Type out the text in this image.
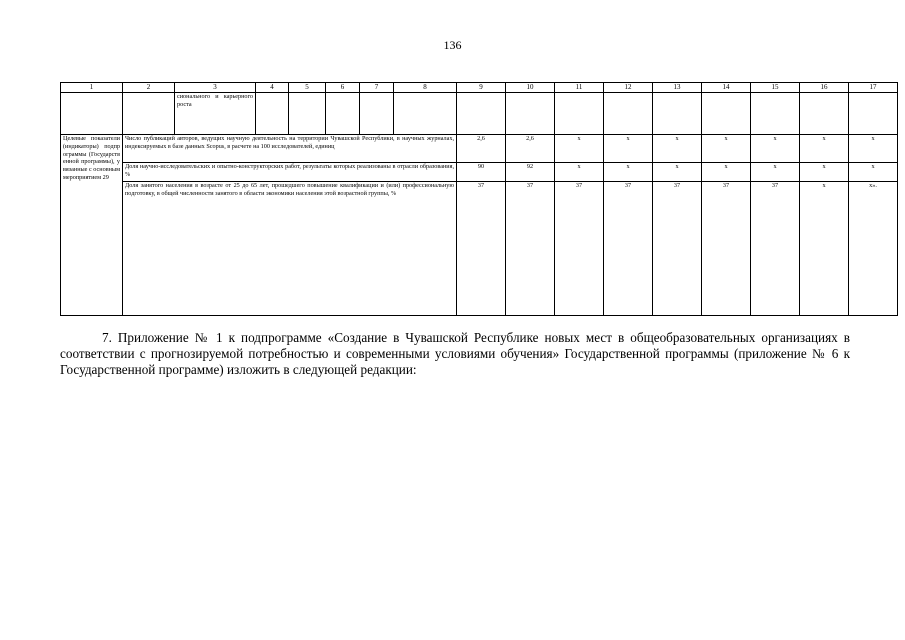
136
1	2	3	4	5	6	7	8	9	10	11	12	13	14	15	16	17	
		сионального и карьерного роста															
Целевые показатели (индикаторы) подпрограммы (Государственной программы), увязанные с основным мероприятием 29	Число публикаций авторов, ведущих научную деятельность на территории Чувашской Республики, в научных журналах, индексируемых в базе данных Scopus, в расчете на 100 исследователей, единиц							2,6	2,6	x	x	x	x	x	x	x	
	Доля научно-исследовательских и опытно-конструкторских работ, результаты которых реализованы в отрасли образования, %							90	92	x	x	x	x	x	x	x	
	Доля занятого населения в возрасте от 25 до 65 лет, прошедшего повышение квалификации и (или) профессиональную подготовку, в общей численности занятого в области экономики населения этой возрастной группы, %							37	37	37	37	37	37	37	x	x».	
7. Приложение № 1 к подпрограмме «Создание в Чувашской Республике новых мест в общеобразовательных организациях в соответствии с прогнозируемой потребностью и современными условиями обучения» Государственной программы (приложение № 6 к Государственной программе) изложить в следующей редакции:
